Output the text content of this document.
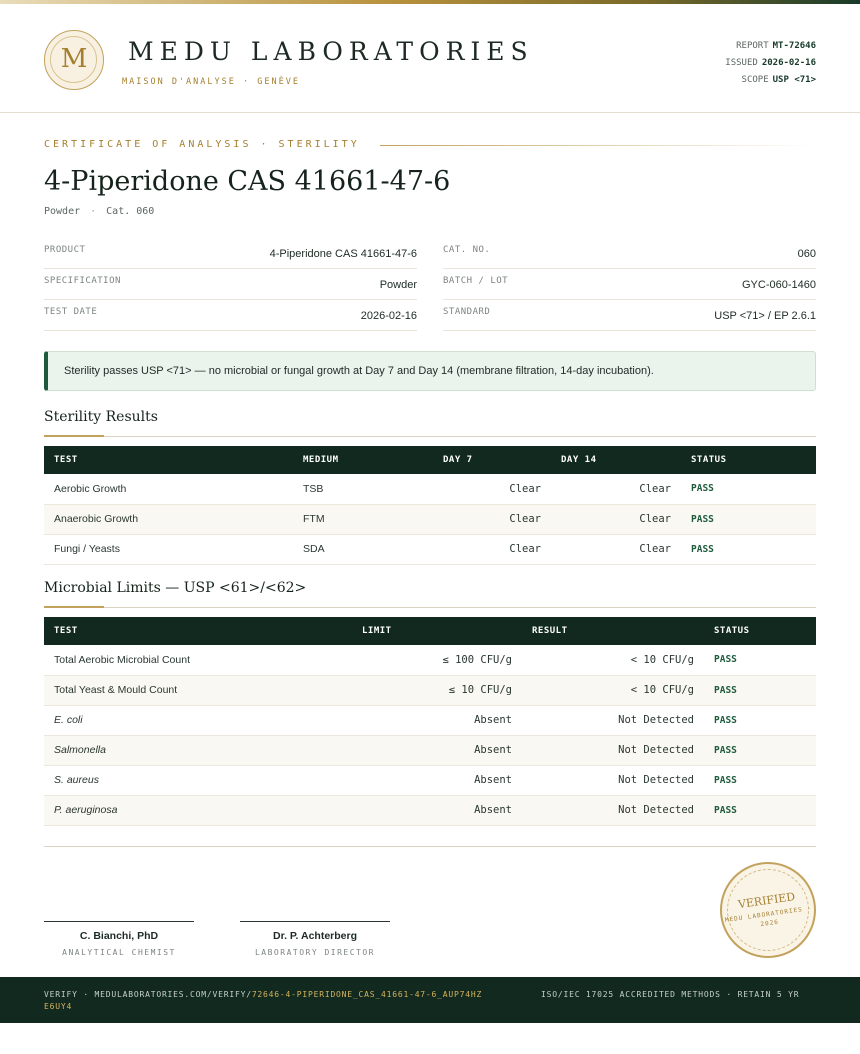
M	MEDU LABORATORIES
MAISON D'ANALYSE · GENÈVE
REPORT MT-72646
ISSUED 2026-02-16
SCOPE USP <71>
CERTIFICATE OF ANALYSIS · STERILITY
4-Piperidone CAS 41661-47-6
Powder · Cat. 060
PRODUCT	4-Piperidone CAS 41661-47-6
SPECIFICATION	Powder
TEST DATE	2026-02-16
CAT. NO.	060
BATCH / LOT	GYC-060-1460
STANDARD	USP <71> / EP 2.6.1
Sterility passes USP <71> — no microbial or fungal growth at Day 7 and Day 14 (membrane filtration, 14-day incubation).
Sterility Results
TEST	MEDIUM	DAY 7	DAY 14	STATUS
Aerobic Growth	TSB	Clear	Clear	PASS
Anaerobic Growth	FTM	Clear	Clear	PASS
Fungi / Yeasts	SDA	Clear	Clear	PASS
Microbial Limits — USP <61>/<62>
TEST	LIMIT	RESULT	STATUS
Total Aerobic Microbial Count	≤ 100 CFU/g	< 10 CFU/g	PASS
Total Yeast & Mould Count	≤ 10 CFU/g	< 10 CFU/g	PASS
E. coli	Absent	Not Detected	PASS
Salmonella	Absent	Not Detected	PASS
S. aureus	Absent	Not Detected	PASS
P. aeruginosa	Absent	Not Detected	PASS
C. Bianchi, PhD
ANALYTICAL CHEMIST
Dr. P. Achterberg
LABORATORY DIRECTOR
VERIFIED
MEDU LABORATORIES · 2026
VERIFY · MEDULABORATORIES.COM/VERIFY/72646-4-PIPERIDONE_CAS_41661-47-6_AUP74HZE6UY4
ISO/IEC 17025 ACCREDITED METHODS · RETAIN 5 YR
